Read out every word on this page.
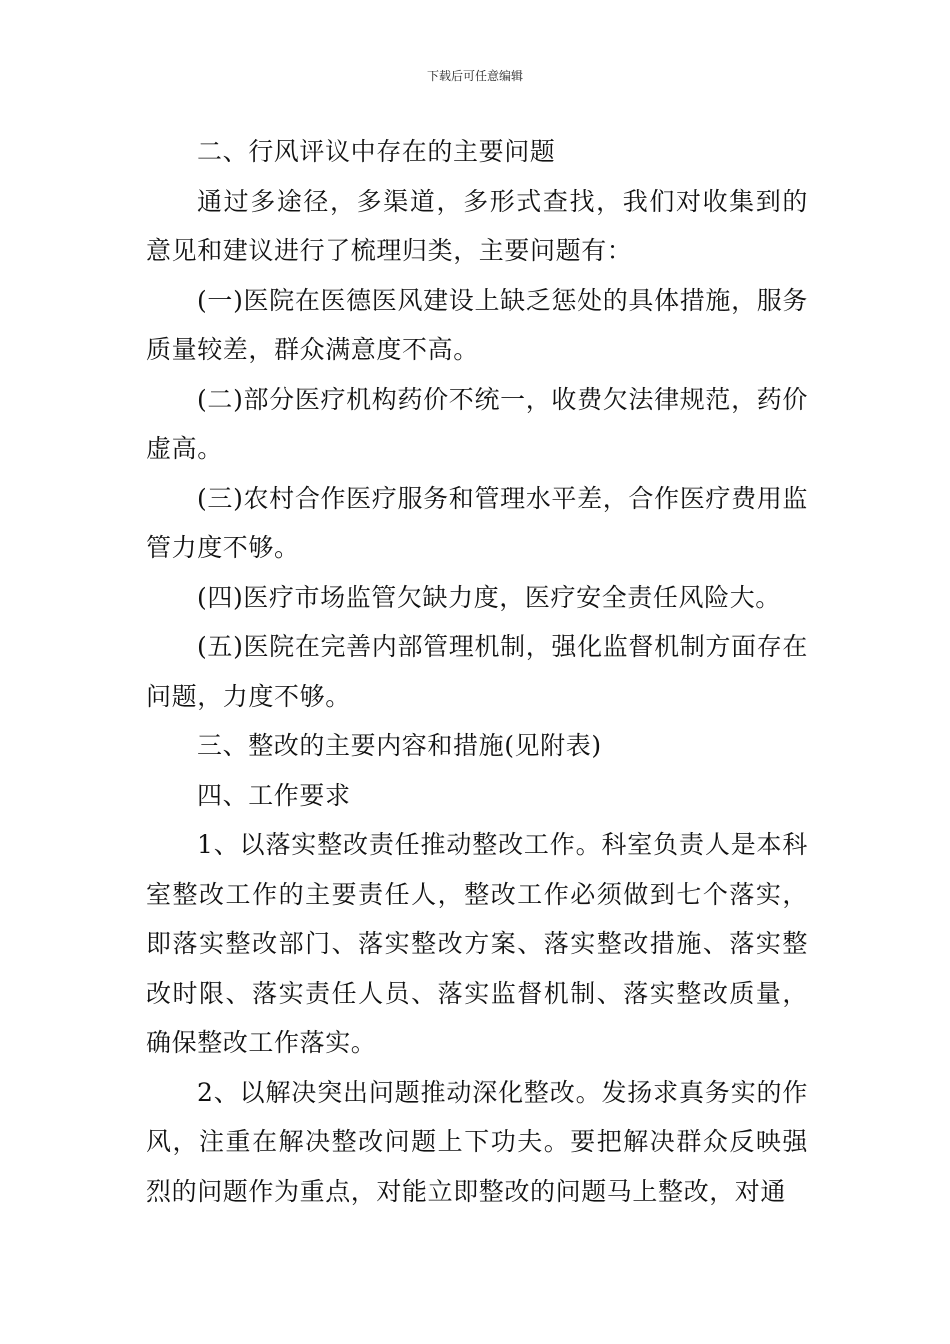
下载后可任意编辑

二、行风评议中存在的主要问题

通过多途径，多渠道，多形式查找，我们对收集到的意见和建议进行了梳理归类，主要问题有：

(一)医院在医德医风建设上缺乏惩处的具体措施，服务质量较差，群众满意度不高。

(二)部分医疗机构药价不统一，收费欠法律规范，药价虚高。

(三)农村合作医疗服务和管理水平差，合作医疗费用监管力度不够。

(四)医疗市场监管欠缺力度，医疗安全责任风险大。

(五)医院在完善内部管理机制，强化监督机制方面存在问题，力度不够。

三、整改的主要内容和措施(见附表)

四、工作要求

1、以落实整改责任推动整改工作。科室负责人是本科室整改工作的主要责任人，整改工作必须做到七个落实，即落实整改部门、落实整改方案、落实整改措施、落实整改时限、落实责任人员、落实监督机制、落实整改质量，确保整改工作落实。

2、以解决突出问题推动深化整改。发扬求真务实的作风，注重在解决整改问题上下功夫。要把解决群众反映强烈的问题作为重点，对能立即整改的问题马上整改，对通
